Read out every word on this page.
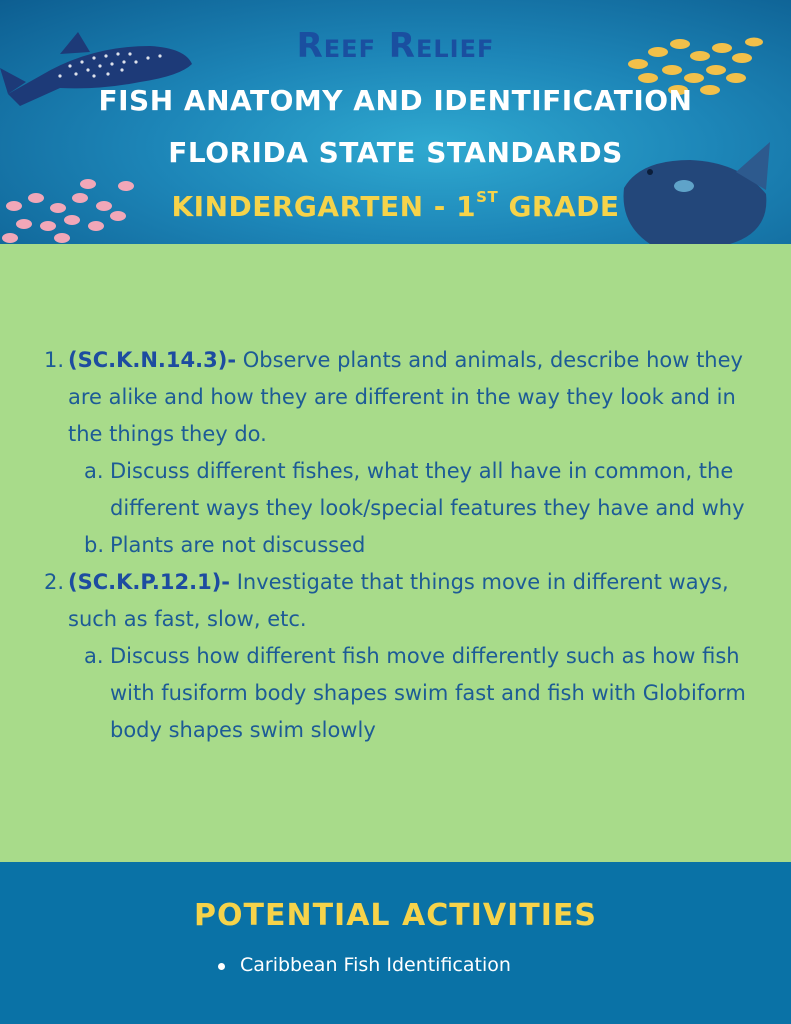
Reef Relief
FISH ANATOMY AND IDENTIFICATION
FLORIDA STATE STANDARDS
KINDERGARTEN - 1ST GRADE
1. (SC.K.N.14.3)- Observe plants and animals, describe how they are alike and how they are different in the way they look and in the things they do.
a. Discuss different fishes, what they all have in common, the different ways they look/special features they have and why
b. Plants are not discussed
2. (SC.K.P.12.1)- Investigate that things move in different ways, such as fast, slow, etc.
a. Discuss how different fish move differently such as how fish with fusiform body shapes swim fast and fish with Globiform body shapes swim slowly
POTENTIAL ACTIVITIES
Caribbean Fish Identification
